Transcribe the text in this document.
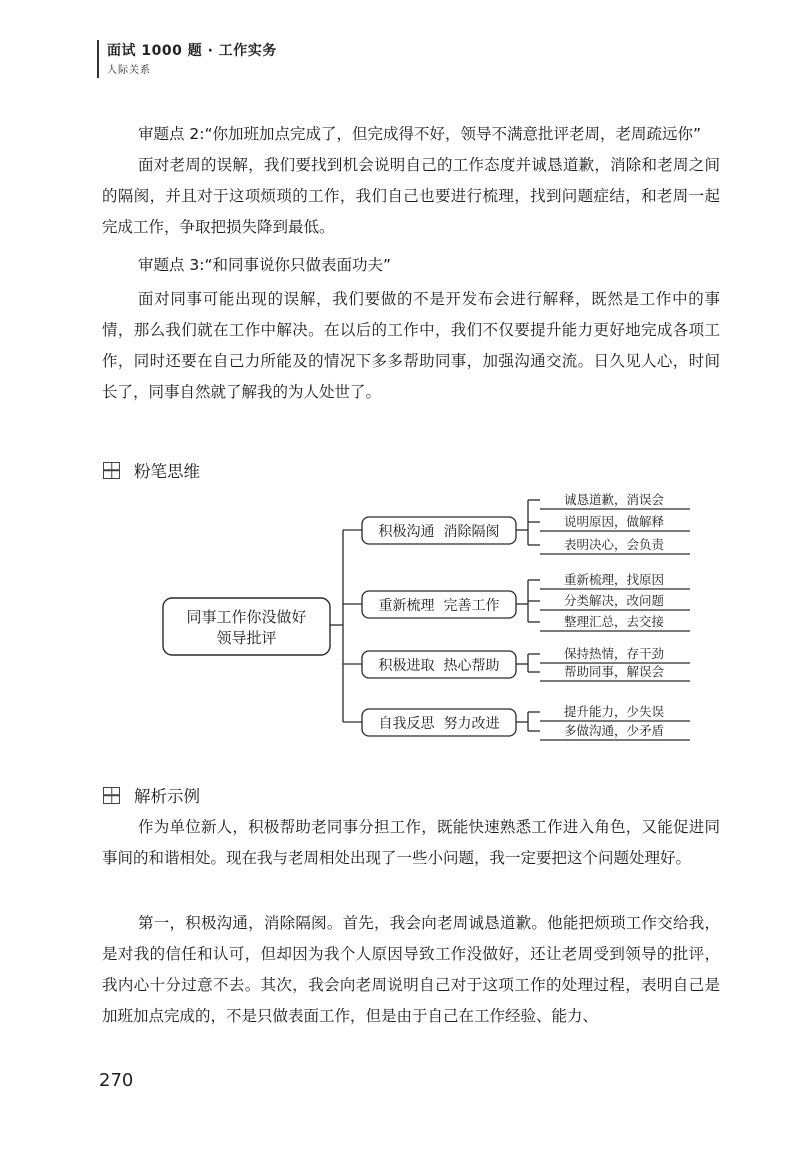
面试 1000 题 · 工作实务
人际关系
审题点 2:“你加班加点完成了，但完成得不好，领导不满意批评老周，老周疏远你”
面对老周的误解，我们要找到机会说明自己的工作态度并诚恳道歉，消除和老周之间的隔阂，并且对于这项烦琐的工作，我们自己也要进行梳理，找到问题症结，和老周一起完成工作，争取把损失降到最低。
审题点 3:“和同事说你只做表面功夫”
面对同事可能出现的误解，我们要做的不是开发布会进行解释，既然是工作中的事情，那么我们就在工作中解决。在以后的工作中，我们不仅要提升能力更好地完成各项工作，同时还要在自己力所能及的情况下多多帮助同事，加强沟通交流。日久见人心，时间长了，同事自然就了解我的为人处世了。
粉笔思维
同事工作你没做好
领导批评
积极沟通  消除隔阂
重新梳理  完善工作
积极进取  热心帮助
自我反思  努力改进
诚恳道歉，消误会
说明原因，做解释
表明决心，会负责
重新梳理，找原因
分类解决，改问题
整理汇总，去交接
保持热情，存干劲
帮助同事，解误会
提升能力，少失误
多做沟通，少矛盾
解析示例
作为单位新人，积极帮助老同事分担工作，既能快速熟悉工作进入角色，又能促进同事间的和谐相处。现在我与老周相处出现了一些小问题，我一定要把这个问题处理好。
第一，积极沟通，消除隔阂。首先，我会向老周诚恳道歉。他能把烦琐工作交给我，是对我的信任和认可，但却因为我个人原因导致工作没做好，还让老周受到领导的批评，我内心十分过意不去。其次，我会向老周说明自己对于这项工作的处理过程，表明自己是加班加点完成的，不是只做表面工作，但是由于自己在工作经验、能力、
270
